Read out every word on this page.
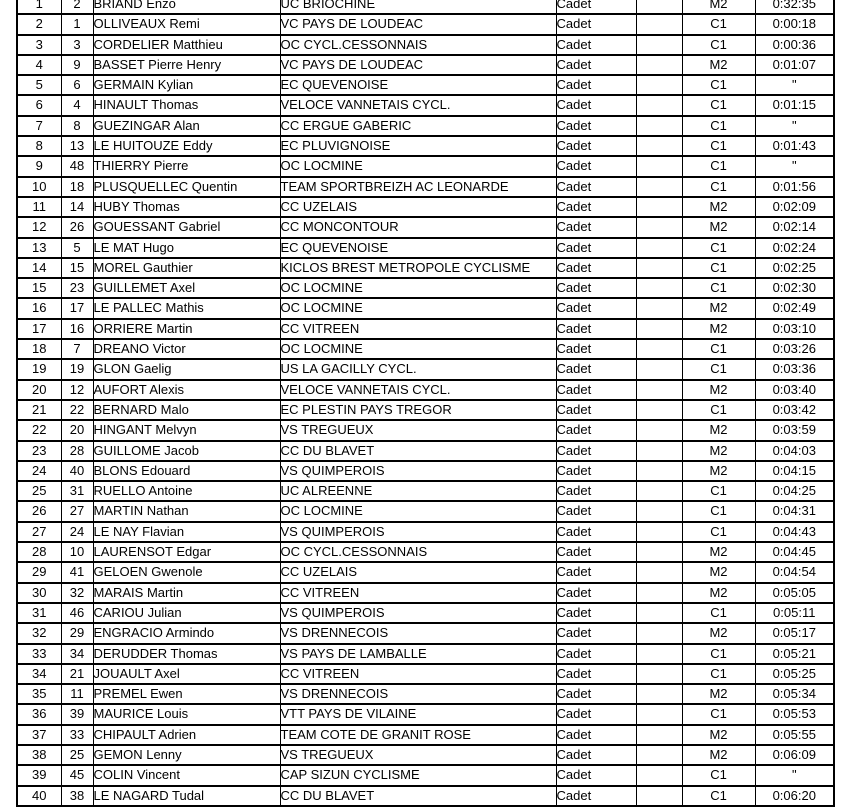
1	2	BRIAND Enzo	UC BRIOCHINE	Cadet		M2	0:32:35
2	1	OLLIVEAUX Remi	VC PAYS DE LOUDEAC	Cadet		C1	0:00:18
3	3	CORDELIER Matthieu	OC CYCL.CESSONNAIS	Cadet		C1	0:00:36
4	9	BASSET Pierre Henry	VC PAYS DE LOUDEAC	Cadet		M2	0:01:07
5	6	GERMAIN Kylian	EC QUEVENOISE	Cadet		C1	"
6	4	HINAULT Thomas	VELOCE VANNETAIS CYCL.	Cadet		C1	0:01:15
7	8	GUEZINGAR Alan	CC ERGUE GABERIC	Cadet		C1	"
8	13	LE HUITOUZE Eddy	EC PLUVIGNOISE	Cadet		C1	0:01:43
9	48	THIERRY Pierre	OC LOCMINE	Cadet		C1	"
10	18	PLUSQUELLEC Quentin	TEAM SPORTBREIZH AC LEONARDE	Cadet		C1	0:01:56
11	14	HUBY Thomas	CC UZELAIS	Cadet		M2	0:02:09
12	26	GOUESSANT Gabriel	CC MONCONTOUR	Cadet		M2	0:02:14
13	5	LE MAT Hugo	EC QUEVENOISE	Cadet		C1	0:02:24
14	15	MOREL Gauthier	KICLOS BREST METROPOLE CYCLISME	Cadet		C1	0:02:25
15	23	GUILLEMET Axel	OC LOCMINE	Cadet		C1	0:02:30
16	17	LE PALLEC Mathis	OC LOCMINE	Cadet		M2	0:02:49
17	16	ORRIERE Martin	CC VITREEN	Cadet		M2	0:03:10
18	7	DREANO Victor	OC LOCMINE	Cadet		C1	0:03:26
19	19	GLON Gaelig	US LA GACILLY CYCL.	Cadet		C1	0:03:36
20	12	AUFORT Alexis	VELOCE VANNETAIS CYCL.	Cadet		M2	0:03:40
21	22	BERNARD Malo	EC PLESTIN PAYS TREGOR	Cadet		C1	0:03:42
22	20	HINGANT Melvyn	VS TREGUEUX	Cadet		M2	0:03:59
23	28	GUILLOME Jacob	CC DU BLAVET	Cadet		M2	0:04:03
24	40	BLONS Edouard	VS QUIMPEROIS	Cadet		M2	0:04:15
25	31	RUELLO Antoine	UC ALREENNE	Cadet		C1	0:04:25
26	27	MARTIN Nathan	OC LOCMINE	Cadet		C1	0:04:31
27	24	LE NAY Flavian	VS QUIMPEROIS	Cadet		C1	0:04:43
28	10	LAURENSOT Edgar	OC CYCL.CESSONNAIS	Cadet		M2	0:04:45
29	41	GELOEN Gwenole	CC UZELAIS	Cadet		M2	0:04:54
30	32	MARAIS Martin	CC VITREEN	Cadet		M2	0:05:05
31	46	CARIOU Julian	VS QUIMPEROIS	Cadet		C1	0:05:11
32	29	ENGRACIO Armindo	VS DRENNECOIS	Cadet		M2	0:05:17
33	34	DERUDDER Thomas	VS PAYS DE LAMBALLE	Cadet		C1	0:05:21
34	21	JOUAULT Axel	CC VITREEN	Cadet		C1	0:05:25
35	11	PREMEL Ewen	VS DRENNECOIS	Cadet		M2	0:05:34
36	39	MAURICE Louis	VTT PAYS DE VILAINE	Cadet		C1	0:05:53
37	33	CHIPAULT Adrien	TEAM COTE DE GRANIT ROSE	Cadet		M2	0:05:55
38	25	GEMON Lenny	VS TREGUEUX	Cadet		M2	0:06:09
39	45	COLIN Vincent	CAP SIZUN CYCLISME	Cadet		C1	"
40	38	LE NAGARD Tudal	CC DU BLAVET	Cadet		C1	0:06:20
